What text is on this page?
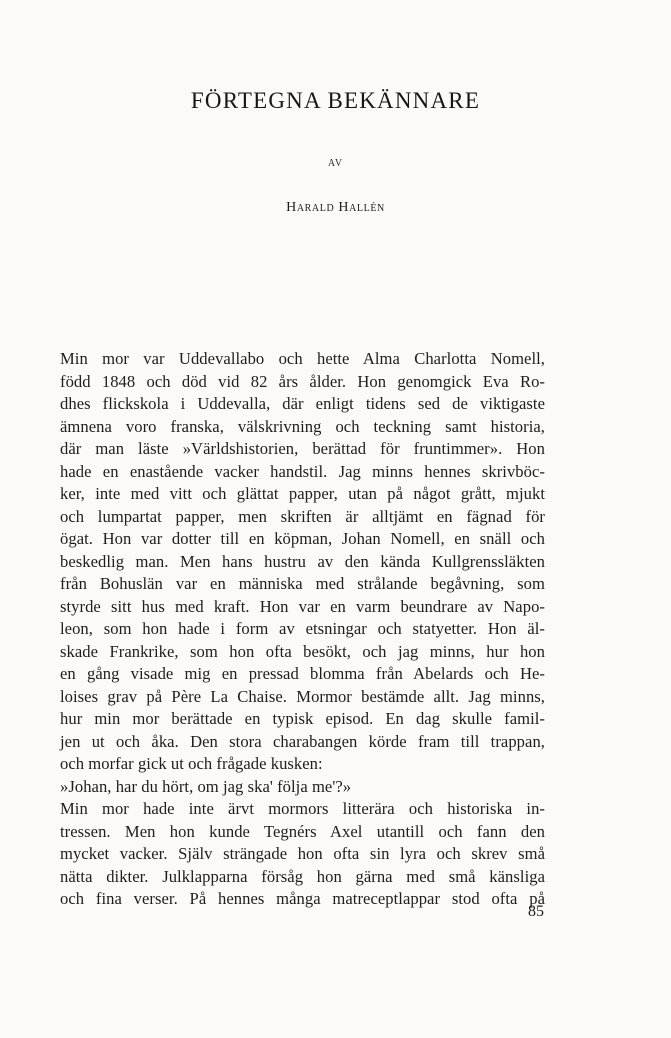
FÖRTEGNA BEKÄNNARE
AV
Harald Hallén
Min mor var Uddevallabo och hette Alma Charlotta Nomell,
född 1848 och död vid 82 års ålder. Hon genomgick Eva Ro-
dhes flickskola i Uddevalla, där enligt tidens sed de viktigaste
ämnena voro franska, välskrivning och teckning samt historia,
där man läste »Världshistorien, berättad för fruntimmer». Hon
hade en enastående vacker handstil. Jag minns hennes skrivböc-
ker, inte med vitt och glättat papper, utan på något grått, mjukt
och lumpartat papper, men skriften är alltjämt en fägnad för
ögat. Hon var dotter till en köpman, Johan Nomell, en snäll och
beskedlig man. Men hans hustru av den kända Kullgrenssläkten
från Bohuslän var en människa med strålande begåvning, som
styrde sitt hus med kraft. Hon var en varm beundrare av Napo-
leon, som hon hade i form av etsningar och statyetter. Hon äl-
skade Frankrike, som hon ofta besökt, och jag minns, hur hon
en gång visade mig en pressad blomma från Abelards och He-
loises grav på Père La Chaise. Mormor bestämde allt. Jag minns,
hur min mor berättade en typisk episod. En dag skulle famil-
jen ut och åka. Den stora charabangen körde fram till trappan,
och morfar gick ut och frågade kusken:
»Johan, har du hört, om jag ska' följa me'?»
Min mor hade inte ärvt mormors litterära och historiska in-
tressen. Men hon kunde Tegnérs Axel utantill och fann den
mycket vacker. Själv strängade hon ofta sin lyra och skrev små
nätta dikter. Julklapparna försåg hon gärna med små känsliga
och fina verser. På hennes många matreceptlappar stod ofta på
85
